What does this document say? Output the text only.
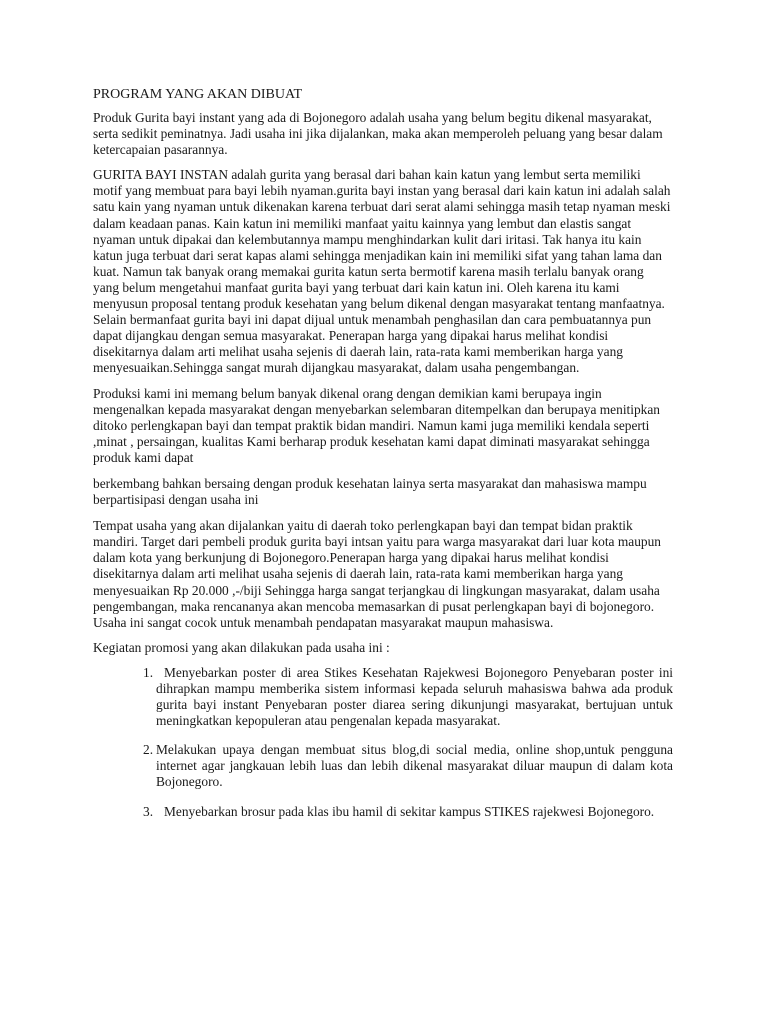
PROGRAM YANG AKAN DIBUAT

Produk Gurita bayi instant yang ada di Bojonegoro adalah usaha yang belum begitu dikenal masyarakat, serta sedikit peminatnya. Jadi usaha ini jika dijalankan, maka akan memperoleh peluang yang besar dalam ketercapaian pasarannya.

GURITA BAYI INSTAN adalah gurita yang berasal dari bahan kain katun yang lembut serta memiliki motif yang membuat para bayi lebih nyaman.gurita bayi instan yang berasal dari kain katun ini adalah salah satu kain yang nyaman untuk dikenakan karena terbuat dari serat alami sehingga masih tetap nyaman meski dalam keadaan panas. Kain katun ini memiliki manfaat yaitu kainnya yang lembut dan elastis sangat nyaman untuk dipakai dan kelembutannya mampu menghindarkan kulit dari iritasi. Tak hanya itu kain katun juga terbuat dari serat kapas alami sehingga menjadikan kain ini memiliki sifat yang tahan lama dan kuat. Namun tak banyak orang memakai gurita katun serta bermotif karena masih terlalu banyak orang yang belum mengetahui manfaat gurita bayi yang terbuat dari kain katun ini. Oleh karena itu kami menyusun proposal tentang produk kesehatan yang belum dikenal dengan masyarakat tentang manfaatnya. Selain bermanfaat gurita bayi ini dapat dijual untuk menambah penghasilan dan cara pembuatannya pun dapat dijangkau dengan semua masyarakat. Penerapan harga yang dipakai harus melihat kondisi disekitarnya dalam arti melihat usaha sejenis di daerah lain, rata-rata kami memberikan harga yang menyesuaikan.Sehingga sangat murah dijangkau masyarakat, dalam usaha pengembangan.

Produksi kami ini memang belum banyak dikenal orang dengan demikian kami berupaya ingin mengenalkan kepada masyarakat dengan menyebarkan selembaran ditempelkan dan berupaya menitipkan ditoko perlengkapan bayi dan tempat praktik bidan mandiri. Namun kami juga memiliki kendala seperti ,minat , persaingan, kualitas Kami berharap produk kesehatan kami dapat diminati masyarakat sehingga produk kami dapat

berkembang bahkan bersaing dengan produk kesehatan lainya serta masyarakat dan mahasiswa mampu berpartisipasi dengan usaha ini

Tempat usaha yang akan dijalankan yaitu di daerah toko perlengkapan bayi dan tempat bidan praktik mandiri. Target dari pembeli produk gurita bayi intsan yaitu para warga masyarakat dari luar kota maupun dalam kota yang berkunjung di Bojonegoro.Penerapan harga yang dipakai harus melihat kondisi disekitarnya dalam arti melihat usaha sejenis di daerah lain, rata-rata kami memberikan harga yang menyesuaikan Rp 20.000 ,-/biji Sehingga harga sangat terjangkau di lingkungan masyarakat, dalam usaha pengembangan, maka rencananya akan mencoba memasarkan di pusat perlengkapan bayi di bojonegoro. Usaha ini sangat cocok untuk menambah pendapatan masyarakat maupun mahasiswa.

Kegiatan promosi yang akan dilakukan pada usaha ini :

1. Menyebarkan poster di area Stikes Kesehatan Rajekwesi Bojonegoro Penyebaran poster ini dihrapkan mampu memberika sistem informasi kepada seluruh mahasiswa bahwa ada produk gurita bayi instant Penyebaran poster diarea sering dikunjungi masyarakat, bertujuan untuk meningkatkan kepopuleran atau pengenalan kepada masyarakat.
2. Melakukan upaya dengan membuat situs blog,di social media, online shop,untuk pengguna internet agar jangkauan lebih luas dan lebih dikenal masyarakat diluar maupun di dalam kota Bojonegoro.
3. Menyebarkan brosur pada klas ibu hamil di sekitar kampus STIKES rajekwesi Bojonegoro.
